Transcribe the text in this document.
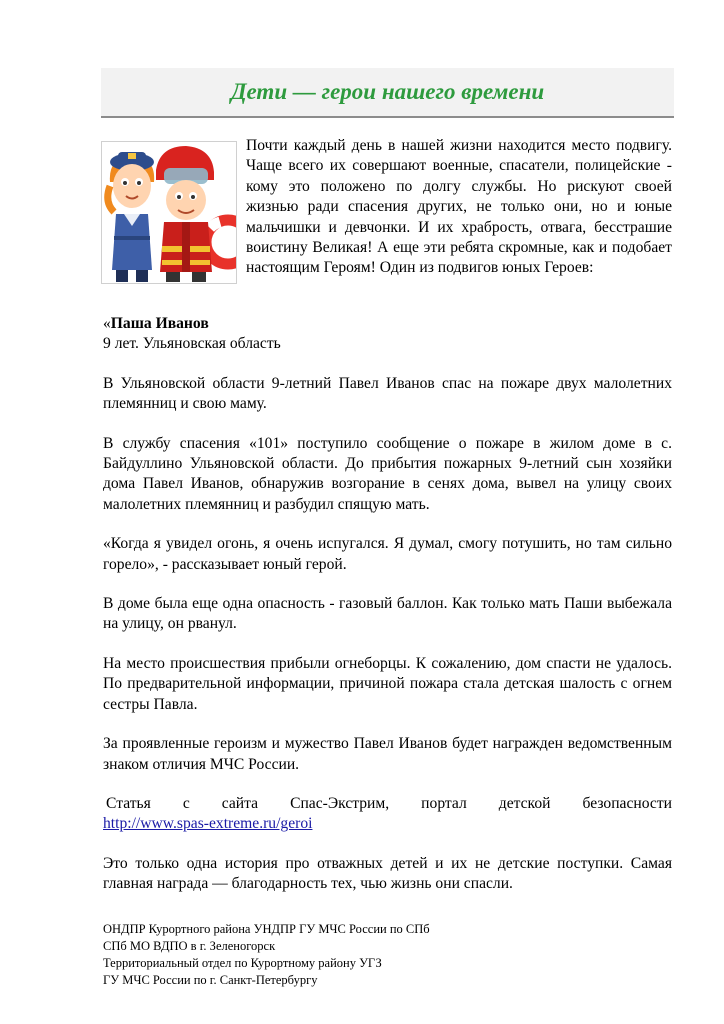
Дети — герои нашего времени

Почти каждый день в нашей жизни находится место подвигу. Чаще всего их совершают военные, спасатели, полицейские - кому это положено по долгу службы. Но рискуют своей жизнью ради спасения других, не только они, но и юные мальчишки и девчонки. И их храбрость, отвага, бесстрашие воистину Великая! А еще эти ребята скромные, как и подобает настоящим Героям! Один из подвигов юных Героев:

«Паша Иванов

9 лет. Ульяновская область

В Ульяновской области 9-летний Павел Иванов спас на пожаре двух малолетних племянниц и свою маму.

В службу спасения «101» поступило сообщение о пожаре в жилом доме в с. Байдуллино Ульяновской области. До прибытия пожарных 9-летний сын хозяйки дома Павел Иванов, обнаружив возгорание в сенях дома, вывел на улицу своих малолетних племянниц и разбудил спящую мать.

«Когда я увидел огонь, я очень испугался. Я думал, смогу потушить, но там сильно горело», - рассказывает юный герой.

В доме была еще одна опасность - газовый баллон. Как только мать Паши выбежала на улицу, он рванул.

На место происшествия прибыли огнеборцы. К сожалению, дом спасти не удалось. По предварительной информации, причиной пожара стала детская шалость с огнем сестры Павла.

За проявленные героизм и мужество Павел Иванов будет награжден ведомственным знаком отличия МЧС России.

Статья с сайта Спас-Экстрим, портал детской безопасности
http://www.spas-extreme.ru/geroi

Это только одна история про отважных детей и их не детские поступки. Самая главная награда — благодарность тех, чью жизнь они спасли.

ОНДПР Курортного района УНДПР ГУ МЧС России по СПб
СПб МО ВДПО в г. Зеленогорск
Территориальный отдел по Курортному району УГЗ
ГУ МЧС России по г. Санкт-Петербургу
